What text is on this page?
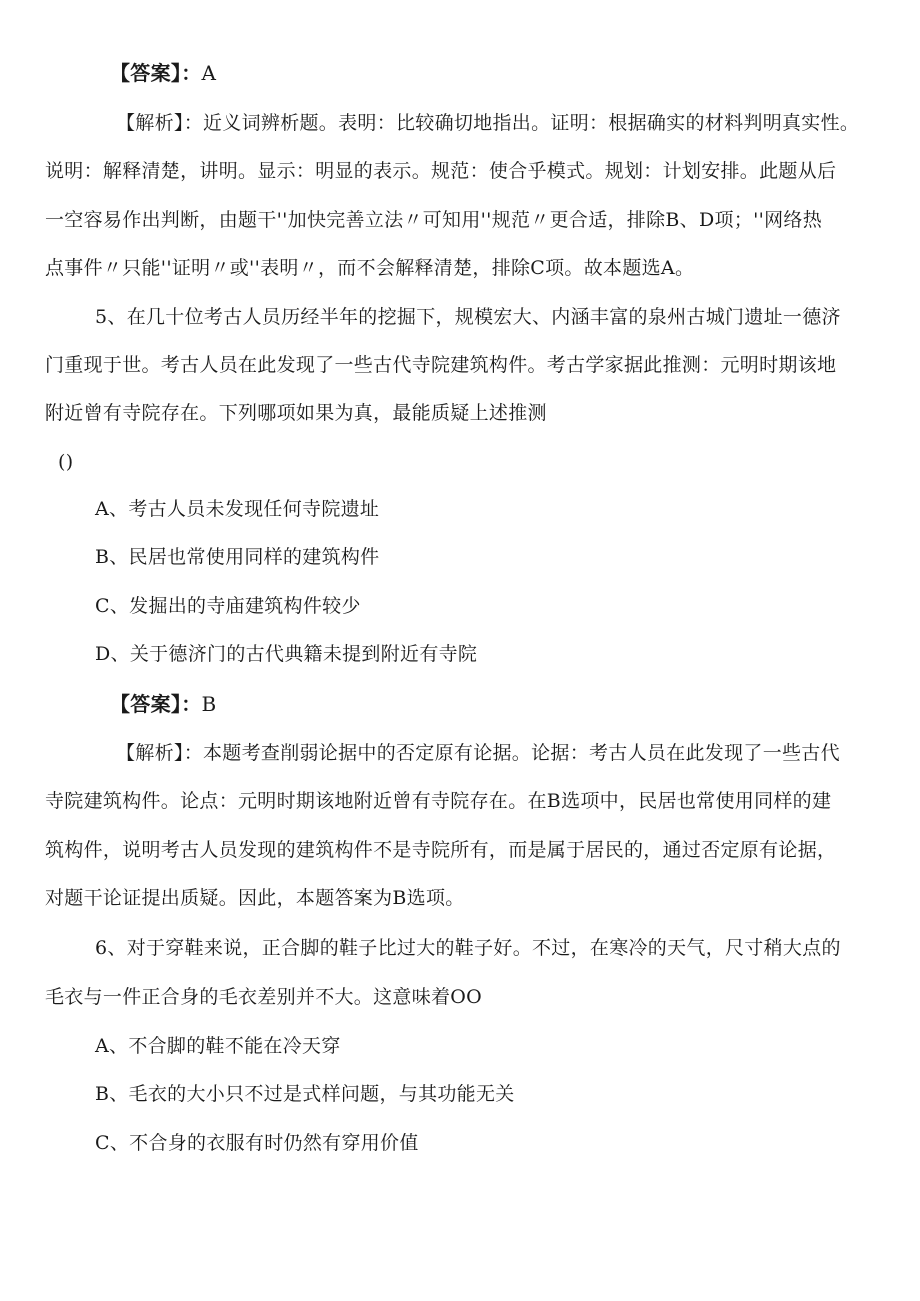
【答案】：A
【解析】：近义词辨析题。表明：比较确切地指出。证明：根据确实的材料判明真实性。
说明：解释清楚，讲明。显示：明显的表示。规范：使合乎模式。规划：计划安排。此题从后
一空容易作出判断，由题干''加快完善立法〃可知用''规范〃更合适，排除B、D项；''网络热
点事件〃只能''证明〃或''表明〃，而不会解释清楚，排除C项。故本题选A。
5、在几十位考古人员历经半年的挖掘下，规模宏大、内涵丰富的泉州古城门遗址一德济
门重现于世。考古人员在此发现了一些古代寺院建筑构件。考古学家据此推测：元明时期该地
附近曾有寺院存在。下列哪项如果为真，最能质疑上述推测
()
A、考古人员未发现任何寺院遗址
B、民居也常使用同样的建筑构件
C、发掘出的寺庙建筑构件较少
D、关于德济门的古代典籍未提到附近有寺院
【答案】：B
【解析】：本题考查削弱论据中的否定原有论据。论据：考古人员在此发现了一些古代
寺院建筑构件。论点：元明时期该地附近曾有寺院存在。在B选项中，民居也常使用同样的建
筑构件，说明考古人员发现的建筑构件不是寺院所有，而是属于居民的，通过否定原有论据，
对题干论证提出质疑。因此，本题答案为B选项。
6、对于穿鞋来说，正合脚的鞋子比过大的鞋子好。不过，在寒冷的天气，尺寸稍大点的
毛衣与一件正合身的毛衣差别并不大。这意味着OO
A、不合脚的鞋不能在冷天穿
B、毛衣的大小只不过是式样问题，与其功能无关
C、不合身的衣服有时仍然有穿用价值
